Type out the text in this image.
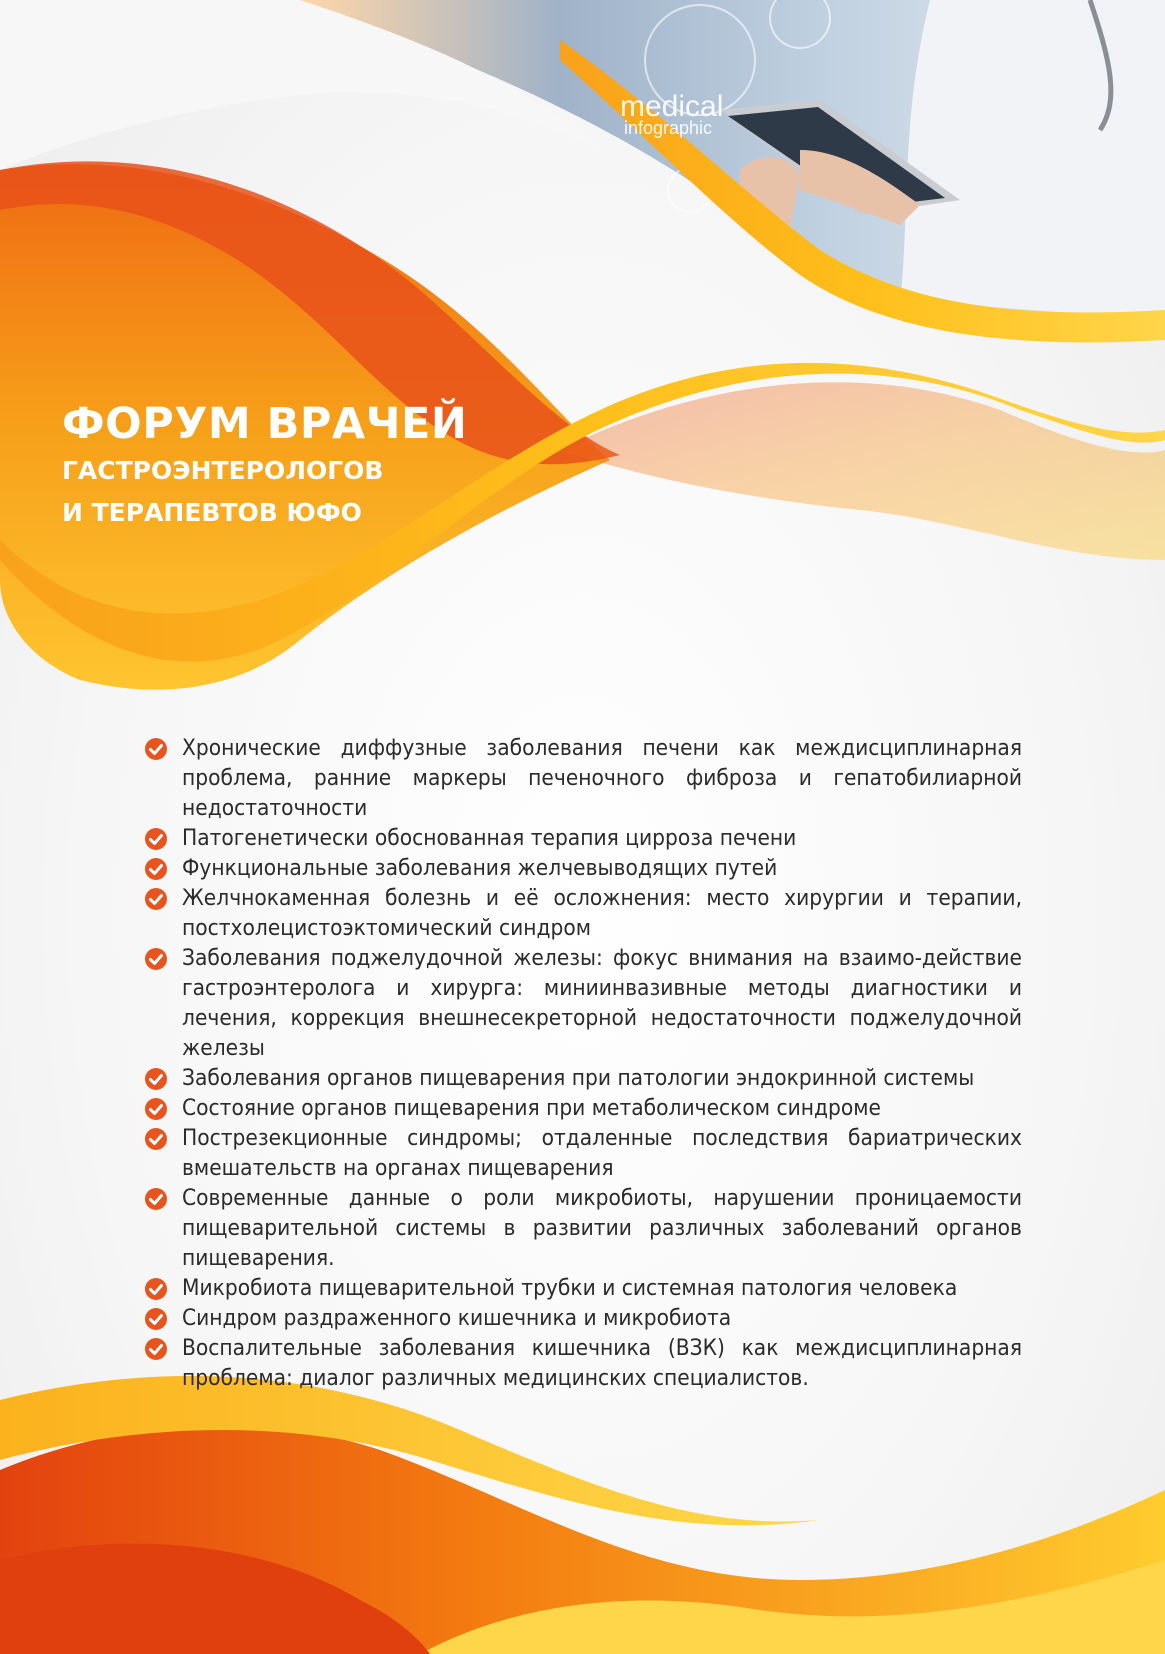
medical
infographic

ФОРУМ ВРАЧЕЙ

ГАСТРОЭНТЕРОЛОГОВ

И ТЕРАПЕВТОВ ЮФО

Хронические диффузные заболевания печени как междисциплинарная проблема, ранние маркеры печеночного фиброза и гепатобилиарной недостаточности
Патогенетически обоснованная терапия цирроза печени
Функциональные заболевания желчевыводящих путей
Желчнокаменная болезнь и её осложнения: место хирургии и терапии, постхолецистоэктомический синдром
Заболевания поджелудочной железы: фокус внимания на взаимо-действие гастроэнтеролога и хирурга: миниинвазивные методы диагностики и лечения, коррекция внешнесекреторной недостаточности поджелудочной железы
Заболевания органов пищеварения при патологии эндокринной системы
Состояние органов пищеварения при метаболическом синдроме
Пострезекционные синдромы; отдаленные последствия бариатрических вмешательств на органах пищеварения
Современные данные о роли микробиоты, нарушении проницаемости пищеварительной системы в развитии различных заболеваний органов пищеварения.
Микробиота пищеварительной трубки и системная патология человека
Синдром раздраженного кишечника и микробиота
Воспалительные заболевания кишечника (ВЗК) как междисциплинарная проблема: диалог различных медицинских специалистов.
